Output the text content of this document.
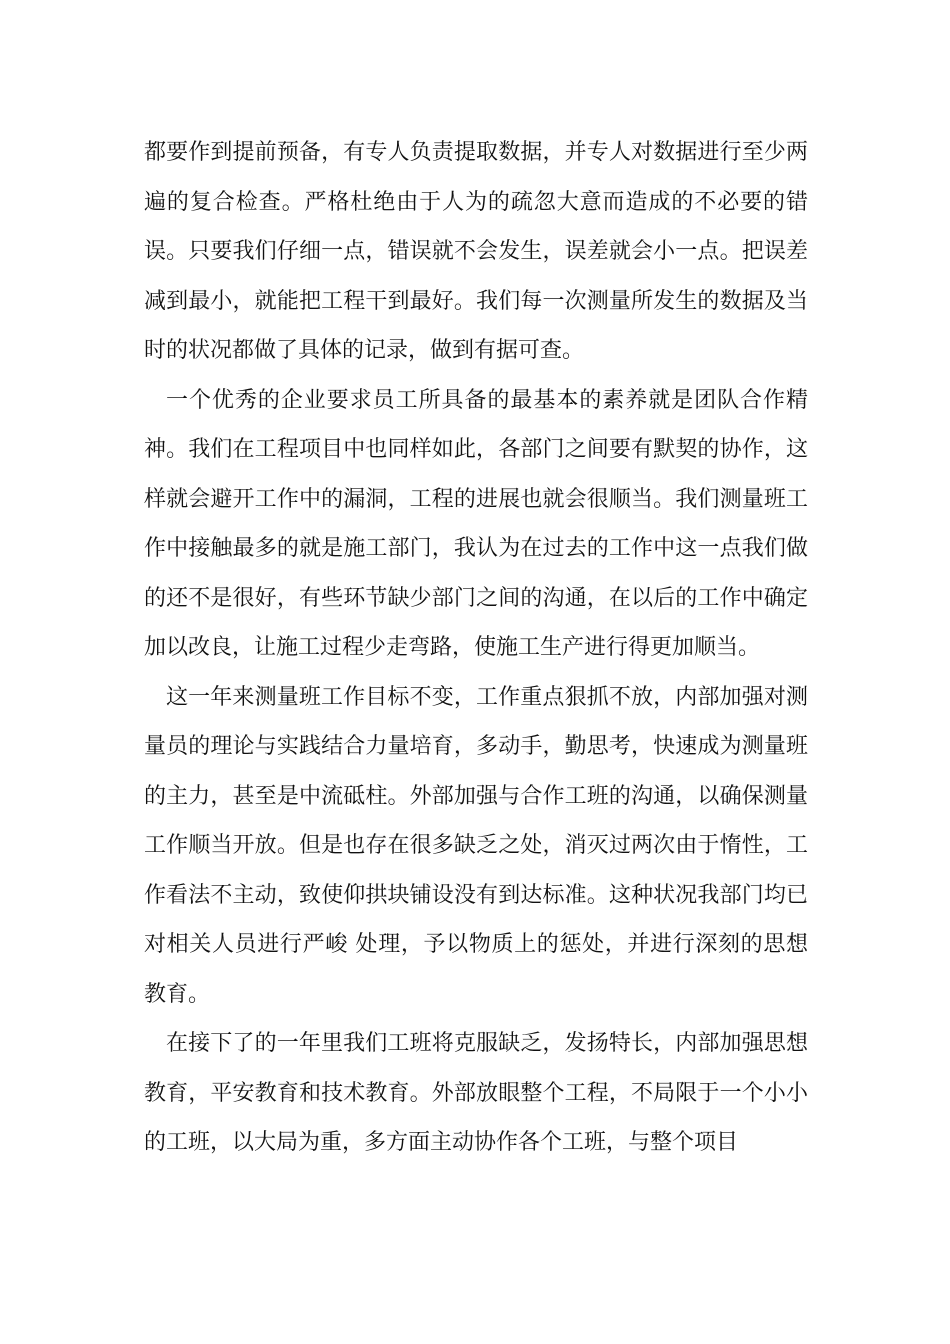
都要作到提前预备，有专人负责提取数据，并专人对数据进行至少两遍的复合检查。严格杜绝由于人为的疏忽大意而造成的不必要的错误。只要我们仔细一点，错误就不会发生，误差就会小一点。把误差减到最小，就能把工程干到最好。我们每一次测量所发生的数据及当时的状况都做了具体的记录，做到有据可查。

一个优秀的企业要求员工所具备的最基本的素养就是团队合作精神。我们在工程项目中也同样如此，各部门之间要有默契的协作，这样就会避开工作中的漏洞，工程的进展也就会很顺当。我们测量班工作中接触最多的就是施工部门，我认为在过去的工作中这一点我们做的还不是很好，有些环节缺少部门之间的沟通，在以后的工作中确定加以改良，让施工过程少走弯路，使施工生产进行得更加顺当。

这一年来测量班工作目标不变，工作重点狠抓不放，内部加强对测量员的理论与实践结合力量培育，多动手，勤思考，快速成为测量班的主力，甚至是中流砥柱。外部加强与合作工班的沟通，以确保测量工作顺当开放。但是也存在很多缺乏之处，消灭过两次由于惰性，工作看法不主动，致使仰拱块铺设没有到达标准。这种状况我部门均已对相关人员进行严峻 处理，予以物质上的惩处，并进行深刻的思想教育。

在接下了的一年里我们工班将克服缺乏，发扬特长，内部加强思想教育，平安教育和技术教育。外部放眼整个工程，不局限于一个小小的工班，以大局为重，多方面主动协作各个工班，与整个项目
